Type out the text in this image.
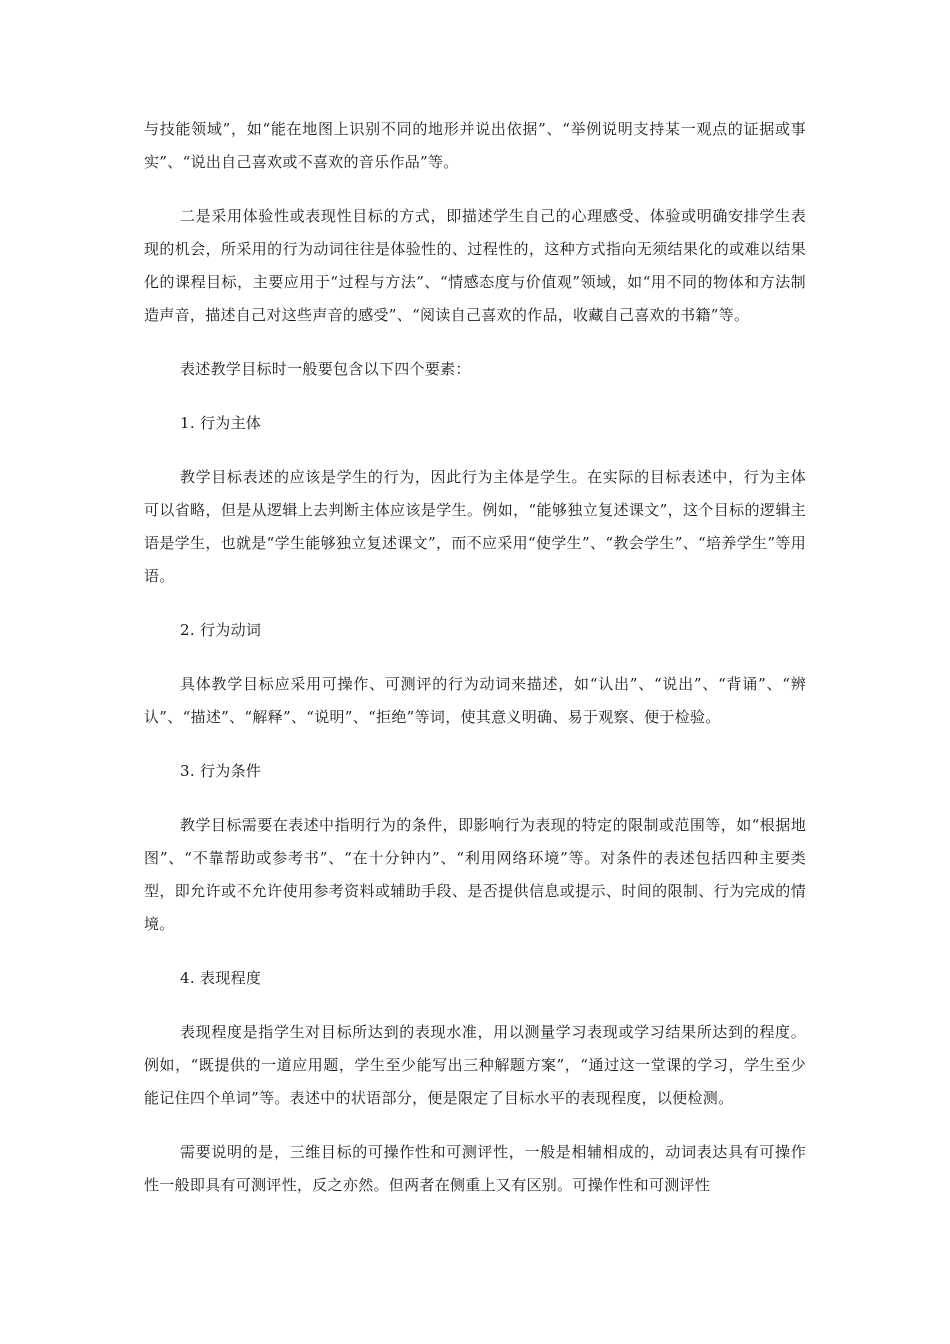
与技能领域”，如“能在地图上识别不同的地形并说出依据”、“举例说明支持某一观点的证据或事实”、“说出自己喜欢或不喜欢的音乐作品”等。

二是采用体验性或表现性目标的方式，即描述学生自己的心理感受、体验或明确安排学生表现的机会，所采用的行为动词往往是体验性的、过程性的，这种方式指向无须结果化的或难以结果化的课程目标，主要应用于“过程与方法”、“情感态度与价值观”领域，如“用不同的物体和方法制造声音，描述自己对这些声音的感受”、“阅读自己喜欢的作品，收藏自己喜欢的书籍”等。

表述教学目标时一般要包含以下四个要素：

1. 行为主体

教学目标表述的应该是学生的行为，因此行为主体是学生。在实际的目标表述中，行为主体可以省略，但是从逻辑上去判断主体应该是学生。例如，“能够独立复述课文”，这个目标的逻辑主语是学生，也就是“学生能够独立复述课文”，而不应采用“使学生”、“教会学生”、“培养学生”等用语。

2. 行为动词

具体教学目标应采用可操作、可测评的行为动词来描述，如“认出”、“说出”、“背诵”、“辨认”、“描述”、“解释”、“说明”、“拒绝”等词，使其意义明确、易于观察、便于检验。

3. 行为条件

教学目标需要在表述中指明行为的条件，即影响行为表现的特定的限制或范围等，如“根据地图”、“不靠帮助或参考书”、“在十分钟内”、“利用网络环境”等。对条件的表述包括四种主要类型，即允许或不允许使用参考资料或辅助手段、是否提供信息或提示、时间的限制、行为完成的情境。

4. 表现程度

表现程度是指学生对目标所达到的表现水准，用以测量学习表现或学习结果所达到的程度。例如，“既提供的一道应用题，学生至少能写出三种解题方案”，“通过这一堂课的学习，学生至少能记住四个单词”等。表述中的状语部分，便是限定了目标水平的表现程度，以便检测。

需要说明的是，三维目标的可操作性和可测评性，一般是相辅相成的，动词表达具有可操作性一般即具有可测评性，反之亦然。但两者在侧重上又有区别。可操作性和可测评性
